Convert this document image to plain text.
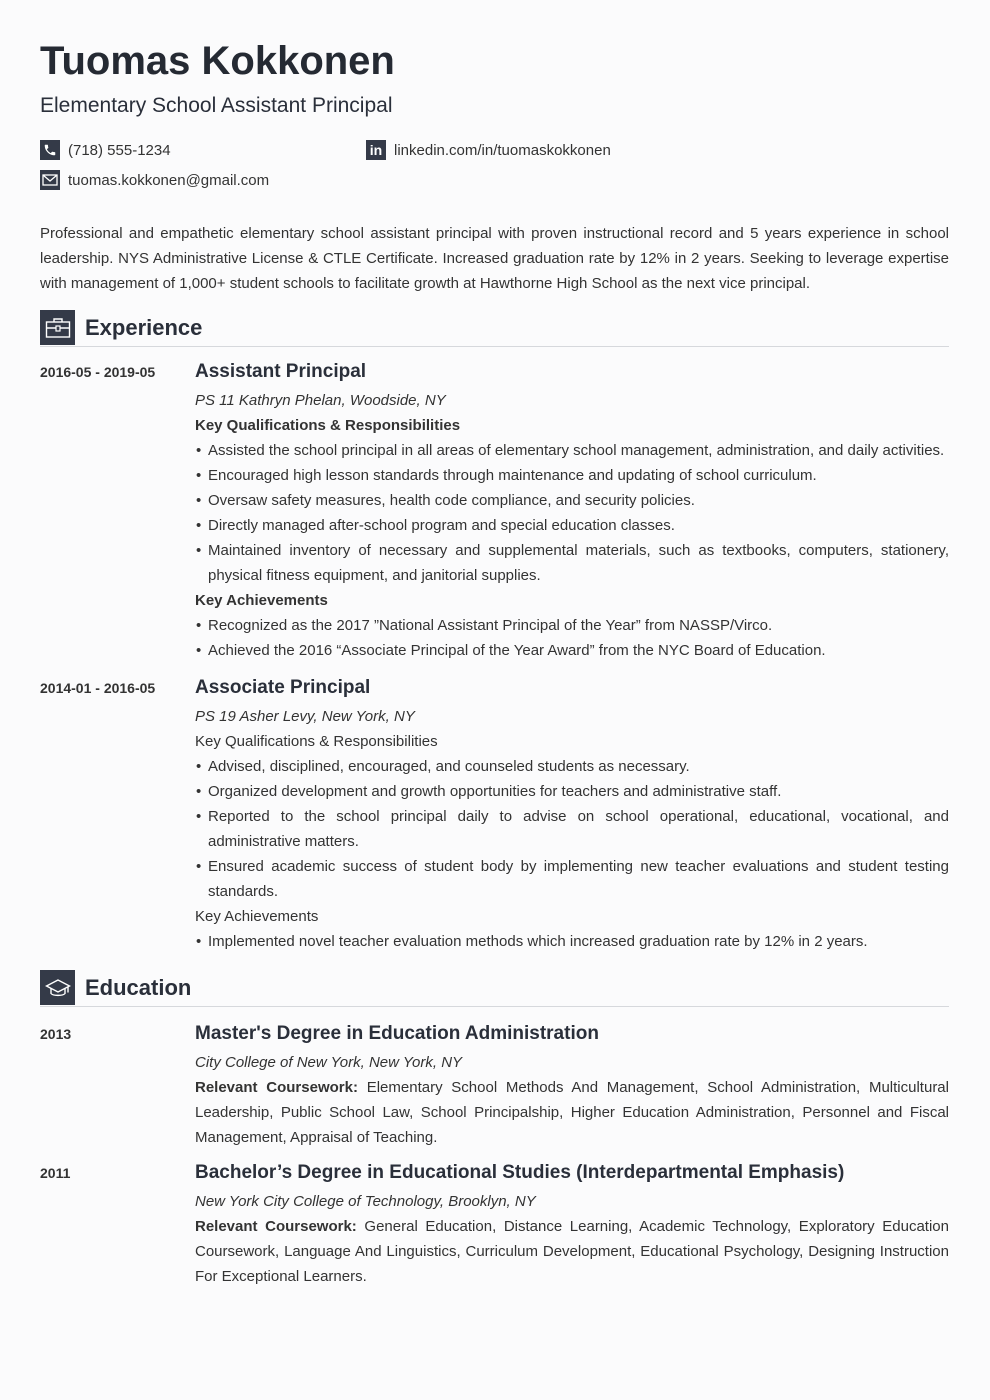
Tuomas Kokkonen
Elementary School Assistant Principal
(718) 555-1234	in linkedin.com/in/tuomaskokkonen
tuomas.kokkonen@gmail.com
Professional and empathetic elementary school assistant principal with proven instructional record and 5 years experience in school leadership. NYS Administrative License & CTLE Certificate. Increased graduation rate by 12% in 2 years. Seeking to leverage expertise with management of 1,000+ student schools to facilitate growth at Hawthorne High School as the next vice principal.
Experience
2016-05 - 2019-05	Assistant Principal
PS 11 Kathryn Phelan, Woodside, NY
Key Qualifications & Responsibilities
• Assisted the school principal in all areas of elementary school management, administration, and daily activities.
• Encouraged high lesson standards through maintenance and updating of school curriculum.
• Oversaw safety measures, health code compliance, and security policies.
• Directly managed after-school program and special education classes.
• Maintained inventory of necessary and supplemental materials, such as textbooks, computers, stationery, physical fitness equipment, and janitorial supplies.
Key Achievements
• Recognized as the 2017 ”National Assistant Principal of the Year” from NASSP/Virco.
• Achieved the 2016 “Associate Principal of the Year Award” from the NYC Board of Education.
2014-01 - 2016-05	Associate Principal
PS 19 Asher Levy, New York, NY
Key Qualifications & Responsibilities
• Advised, disciplined, encouraged, and counseled students as necessary.
• Organized development and growth opportunities for teachers and administrative staff.
• Reported to the school principal daily to advise on school operational, educational, vocational, and administrative matters.
• Ensured academic success of student body by implementing new teacher evaluations and student testing standards.
Key Achievements
• Implemented novel teacher evaluation methods which increased graduation rate by 12% in 2 years.
Education
2013	Master's Degree in Education Administration
City College of New York, New York, NY
Relevant Coursework: Elementary School Methods And Management, School Administration, Multicultural Leadership, Public School Law, School Principalship, Higher Education Administration, Personnel and Fiscal Management, Appraisal of Teaching.
2011	Bachelor’s Degree in Educational Studies (Interdepartmental Emphasis)
New York City College of Technology, Brooklyn, NY
Relevant Coursework: General Education, Distance Learning, Academic Technology, Exploratory Education Coursework, Language And Linguistics, Curriculum Development, Educational Psychology, Designing Instruction For Exceptional Learners.
